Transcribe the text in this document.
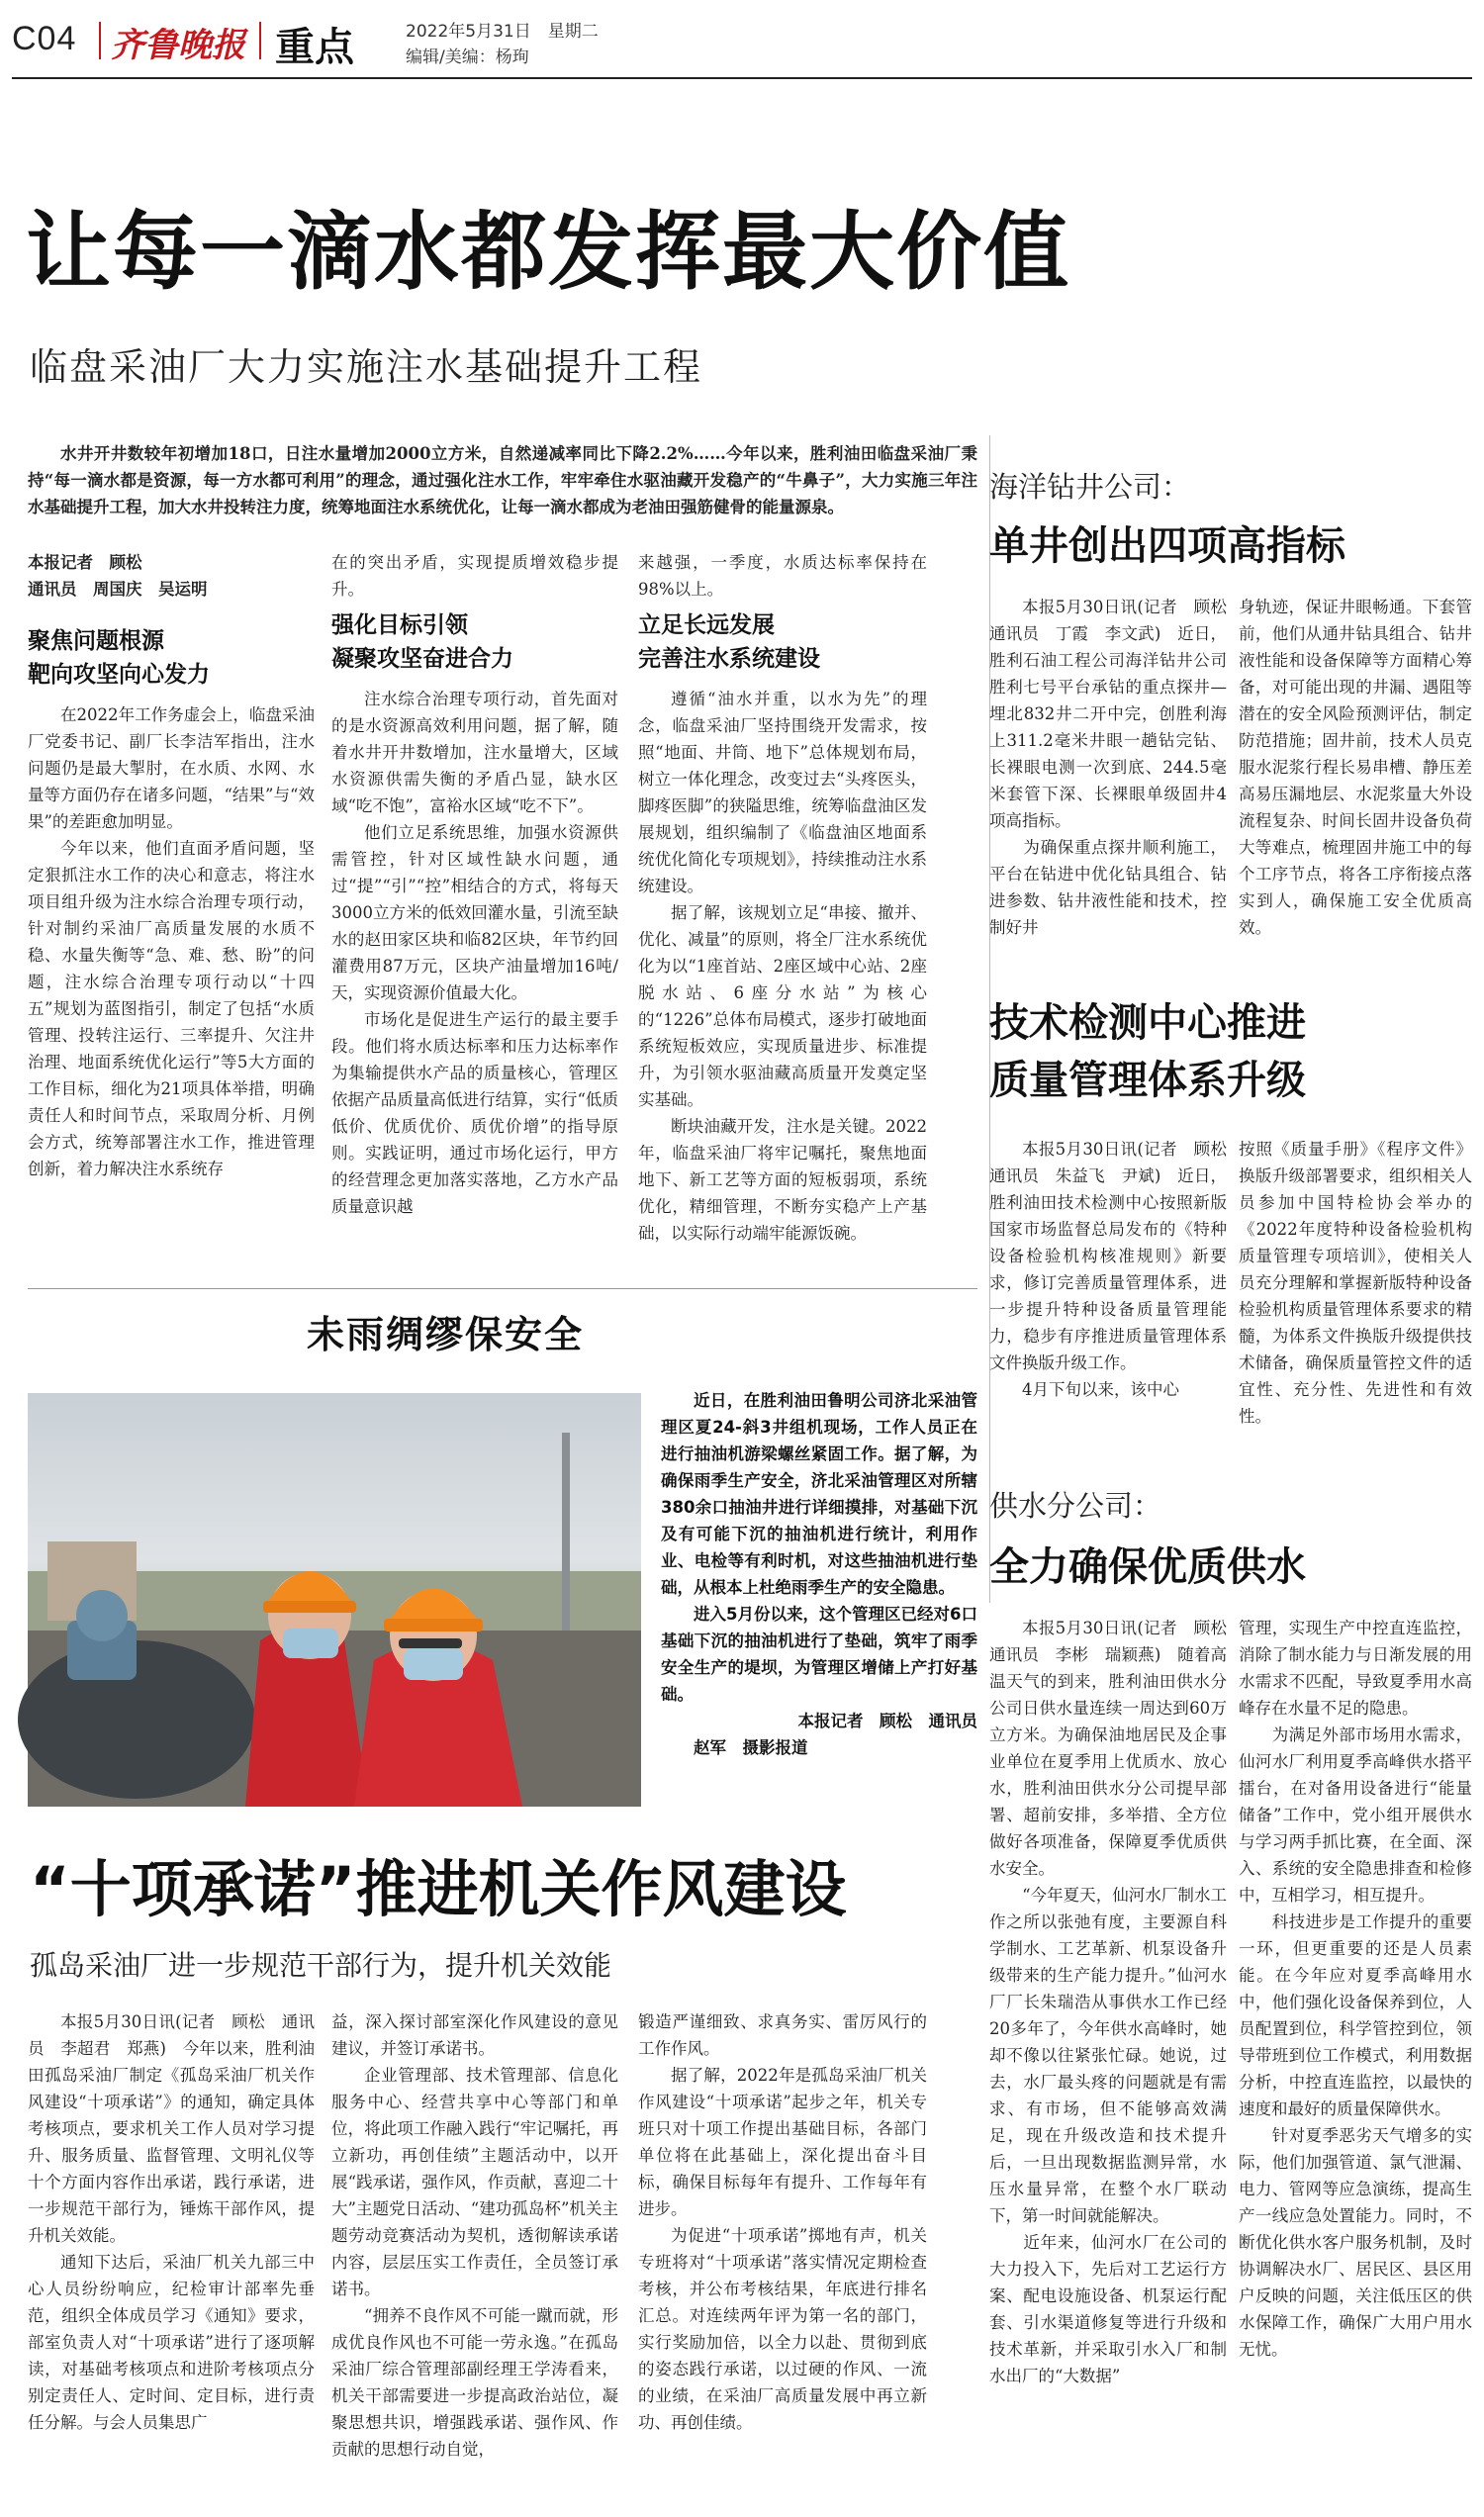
C04 齐鲁晚报 重点	2022年5月31日　星期二
编辑/美编：杨珣
让每一滴水都发挥最大价值
临盘采油厂大力实施注水基础提升工程
水井开井数较年初增加18口，日注水量增加2000立方米，自然递减率同比下降2.2%……今年以来，胜利油田临盘采油厂秉持“每一滴水都是资源，每一方水都可利用”的理念，通过强化注水工作，牢牢牵住水驱油藏开发稳产的“牛鼻子”，大力实施三年注水基础提升工程，加大水井投转注力度，统筹地面注水系统优化，让每一滴水都成为老油田强筋健骨的能量源泉。
本报记者　顾松
通讯员　周国庆　吴运明
聚焦问题根源
靶向攻坚向心发力

在2022年工作务虚会上，临盘采油厂党委书记、副厂长李洁军指出，注水问题仍是最大掣肘，在水质、水网、水量等方面仍存在诸多问题，“结果”与“效果”的差距愈加明显。

今年以来，他们直面矛盾问题，坚定狠抓注水工作的决心和意志，将注水项目组升级为注水综合治理专项行动，针对制约采油厂高质量发展的水质不稳、水量失衡等“急、难、愁、盼”的问题，注水综合治理专项行动以“十四五”规划为蓝图指引，制定了包括“水质管理、投转注运行、三率提升、欠注井治理、地面系统优化运行”等5大方面的工作目标，细化为21项具体举措，明确责任人和时间节点，采取周分析、月例会方式，统筹部署注水工作，推进管理创新，着力解决注水系统存

在的突出矛盾，实现提质增效稳步提升。

强化目标引领
凝聚攻坚奋进合力

注水综合治理专项行动，首先面对的是水资源高效利用问题，据了解，随着水井开井数增加，注水量增大，区域水资源供需失衡的矛盾凸显，缺水区域“吃不饱”，富裕水区域“吃不下”。

他们立足系统思维，加强水资源供需管控，针对区域性缺水问题，通过“提”“引”“控”相结合的方式，将每天3000立方米的低效回灌水量，引流至缺水的赵田家区块和临82区块，年节约回灌费用87万元，区块产油量增加16吨/天，实现资源价值最大化。

市场化是促进生产运行的最主要手段。他们将水质达标率和压力达标率作为集输提供水产品的质量核心，管理区依据产品质量高低进行结算，实行“低质低价、优质优价、质优价增”的指导原则。实践证明，通过市场化运行，甲方的经营理念更加落实落地，乙方水产品质量意识越

来越强，一季度，水质达标率保持在98%以上。

立足长远发展
完善注水系统建设

遵循“油水并重，以水为先”的理念，临盘采油厂坚持围绕开发需求，按照“地面、井筒、地下”总体规划布局，树立一体化理念，改变过去“头疼医头，脚疼医脚”的狭隘思维，统筹临盘油区发展规划，组织编制了《临盘油区地面系统优化简化专项规划》，持续推动注水系统建设。

据了解，该规划立足“串接、撤并、优化、减量”的原则，将全厂注水系统优化为以“1座首站、2座区域中心站、2座脱水站、6座分水站”为核心的“1226”总体布局模式，逐步打破地面系统短板效应，实现质量进步、标准提升，为引领水驱油藏高质量开发奠定坚实基础。

断块油藏开发，注水是关键。2022年，临盘采油厂将牢记嘱托，聚焦地面地下、新工艺等方面的短板弱项，系统优化，精细管理，不断夯实稳产上产基础，以实际行动端牢能源饭碗。

未雨绸缪保安全

近日，在胜利油田鲁明公司济北采油管理区夏24-斜3井组机现场，工作人员正在进行抽油机游梁螺丝紧固工作。据了解，为确保雨季生产安全，济北采油管理区对所辖380余口抽油井进行详细摸排，对基础下沉及有可能下沉的抽油机进行统计，利用作业、电检等有利时机，对这些抽油机进行垫础，从根本上杜绝雨季生产的安全隐患。

进入5月份以来，这个管理区已经对6口基础下沉的抽油机进行了垫础，筑牢了雨季安全生产的堤坝，为管理区增储上产打好基础。

本报记者　顾松　通讯员
赵军　摄影报道
“十项承诺”推进机关作风建设
孤岛采油厂进一步规范干部行为，提升机关效能

本报5月30日讯(记者　顾松　通讯员　李超君　郑燕)　今年以来，胜利油田孤岛采油厂制定《孤岛采油厂机关作风建设“十项承诺”》的通知，确定具体考核项点，要求机关工作人员对学习提升、服务质量、监督管理、文明礼仪等十个方面内容作出承诺，践行承诺，进一步规范干部行为，锤炼干部作风，提升机关效能。

通知下达后，采油厂机关九部三中心人员纷纷响应，纪检审计部率先垂范，组织全体成员学习《通知》要求，部室负责人对“十项承诺”进行了逐项解读，对基础考核项点和进阶考核项点分别定责任人、定时间、定目标，进行责任分解。与会人员集思广

益，深入探讨部室深化作风建设的意见建议，并签订承诺书。

企业管理部、技术管理部、信息化服务中心、经营共享中心等部门和单位，将此项工作融入践行“牢记嘱托，再立新功，再创佳绩”主题活动中，以开展“践承诺，强作风，作贡献，喜迎二十大”主题党日活动、“建功孤岛杯”机关主题劳动竞赛活动为契机，透彻解读承诺内容，层层压实工作责任，全员签订承诺书。

“拥养不良作风不可能一蹴而就，形成优良作风也不可能一劳永逸。”在孤岛采油厂综合管理部副经理王学涛看来，机关干部需要进一步提高政治站位，凝聚思想共识，增强践承诺、强作风、作贡献的思想行动自觉，

锻造严谨细致、求真务实、雷厉风行的工作作风。

据了解，2022年是孤岛采油厂机关作风建设“十项承诺”起步之年，机关专班只对十项工作提出基础目标，各部门单位将在此基础上，深化提出奋斗目标，确保目标每年有提升、工作每年有进步。

为促进“十项承诺”掷地有声，机关专班将对“十项承诺”落实情况定期检查考核，并公布考核结果，年底进行排名汇总。对连续两年评为第一名的部门，实行奖励加倍，以全力以赴、贯彻到底的姿态践行承诺，以过硬的作风、一流的业绩，在采油厂高质量发展中再立新功、再创佳绩。

海洋钻井公司：
单井创出四项高指标
本报5月30日讯(记者　顾松　通讯员　丁霞　李文武)　近日，胜利石油工程公司海洋钻井公司胜利七号平台承钻的重点探井—埋北832井二开中完，创胜利海上311.2毫米井眼一趟钻完钻、长裸眼电测一次到底、244.5毫米套管下深、长裸眼单级固井4项高指标。
　　为确保重点探井顺利施工，平台在钻进中优化钻具组合、钻进参数、钻井液性能和技术，控制好井
身轨迹，保证井眼畅通。下套管前，他们从通井钻具组合、钻井液性能和设备保障等方面精心筹备，对可能出现的井漏、遇阻等潜在的安全风险预测评估，制定防范措施；固井前，技术人员克服水泥浆行程长易串槽、静压差高易压漏地层、水泥浆量大外设流程复杂、时间长固井设备负荷大等难点，梳理固井施工中的每个工序节点，将各工序衔接点落实到人，确保施工安全优质高效。
技术检测中心推进
质量管理体系升级
本报5月30日讯(记者　顾松　通讯员　朱益飞　尹斌)　近日，胜利油田技术检测中心按照新版国家市场监督总局发布的《特种设备检验机构核准规则》新要求，修订完善质量管理体系，进一步提升特种设备质量管理能力，稳步有序推进质量管理体系文件换版升级工作。
　　4月下旬以来，该中心
按照《质量手册》《程序文件》换版升级部署要求，组织相关人员参加中国特检协会举办的《2022年度特种设备检验机构质量管理专项培训》，使相关人员充分理解和掌握新版特种设备检验机构质量管理体系要求的精髓，为体系文件换版升级提供技术储备，确保质量管控文件的适宜性、充分性、先进性和有效性。
供水分公司：
全力确保优质供水
本报5月30日讯(记者　顾松　通讯员　李彬　瑞颖燕)　随着高温天气的到来，胜利油田供水分公司日供水量连续一周达到60万立方米。为确保油地居民及企事业单位在夏季用上优质水、放心水，胜利油田供水分公司提早部署、超前安排，多举措、全方位做好各项准备，保障夏季优质供水安全。
　　“今年夏天，仙河水厂制水工作之所以张弛有度，主要源自科学制水、工艺革新、机泵设备升级带来的生产能力提升。”仙河水厂厂长朱瑞浩从事供水工作已经20多年了，今年供水高峰时，她却不像以往紧张忙碌。她说，过去，水厂最头疼的问题就是有需求、有市场，但不能够高效满足，现在升级改造和技术提升后，一旦出现数据监测异常，水压水量异常，在整个水厂联动下，第一时间就能解决。
　　近年来，仙河水厂在公司的大力投入下，先后对工艺运行方案、配电设施设备、机泵运行配套、引水渠道修复等进行升级和技术革新，并采取引水入厂和制水出厂的“大数据”
管理，实现生产中控直连监控，消除了制水能力与日渐发展的用水需求不匹配，导致夏季用水高峰存在水量不足的隐患。
　　为满足外部市场用水需求，仙河水厂利用夏季高峰供水搭平擂台，在对备用设备进行“能量储备”工作中，党小组开展供水与学习两手抓比赛，在全面、深入、系统的安全隐患排查和检修中，互相学习，相互提升。
　　科技进步是工作提升的重要一环，但更重要的还是人员素能。在今年应对夏季高峰用水中，他们强化设备保养到位，人员配置到位，科学管控到位，领导带班到位工作模式，利用数据分析，中控直连监控，以最快的速度和最好的质量保障供水。
　　针对夏季恶劣天气增多的实际，他们加强管道、氯气泄漏、电力、管网等应急演练，提高生产一线应急处置能力。同时，不断优化供水客户服务机制，及时协调解决水厂、居民区、县区用户反映的问题，关注低压区的供水保障工作，确保广大用户用水无忧。
